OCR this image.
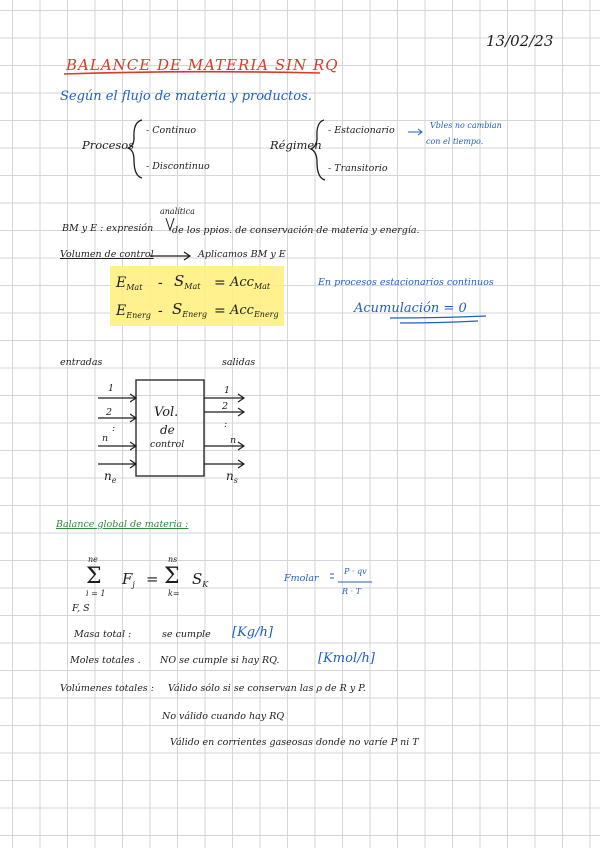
13/02/23
BALANCE DE MATERIA SIN RQ
Según el flujo de materia y productos.
Procesos
- Continuo
- Discontinuo
Régimen
- Estacionario
- Transitorio
Vbles no cambian
con el tiempo.
analítica
BM y E : expresión de los ppios. de conservación de materia y energía.
Volumen de control	Aplicamos BM y E
$E_{Mat} - S_{Mat} = Acc_{Mat}$
$E_{Energ} - S_{Energ} = Acc_{Energ}$
En procesos estacionarios continuos
Acumulación = 0
entradas	salidas
Vol.
de
control
1
2
:
n
$n_e$
1
2
:
n
$n_s$
Balance global de materia :
ne
Σ
i = 1
$F_j$ =
ns
Σ
k=
$S_K$
F, S
Fmolar
P · qv
R · T
Masa total :	se cumple [Kg/h]
Moles totales . NO se cumple si hay RQ.	[Kmol/h]
Volúmenes totales : Válido sólo si se conservan las ρ de R y P.
No válido cuando hay RQ
Válido en corrientes gaseosas donde no varíe P ni T
